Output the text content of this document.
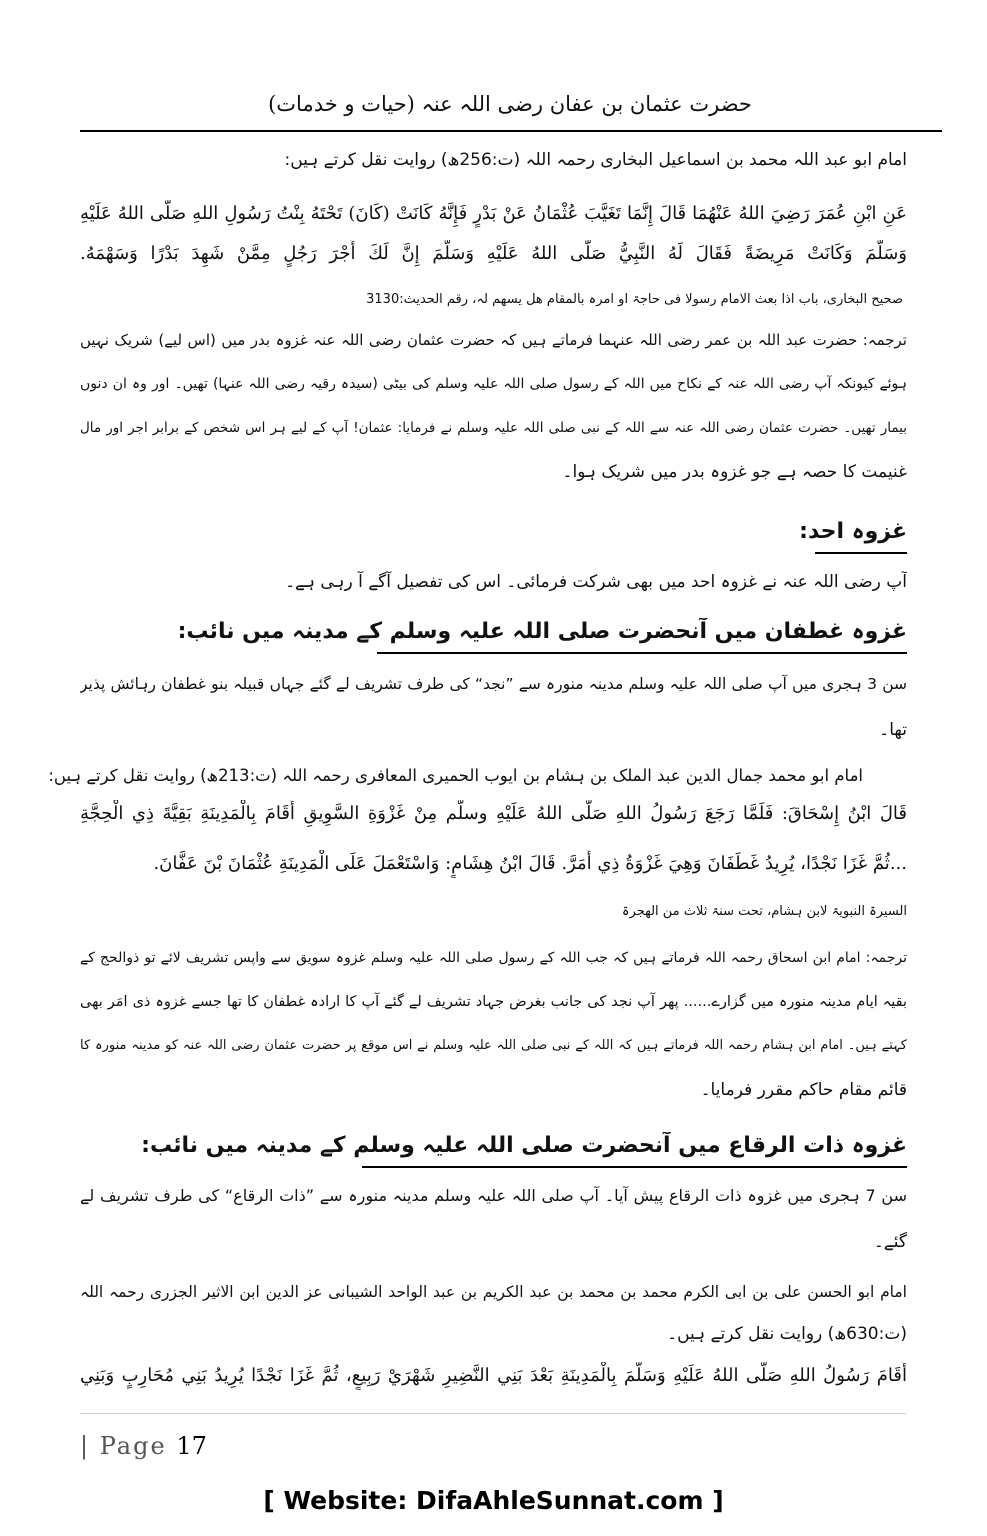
حضرت عثمان بن عفان رضی اللہ عنہ (حیات و خدمات)
امام ابو عبد اللہ محمد بن اسماعیل البخاری رحمہ اللہ (ت:256ھ) روایت نقل کرتے ہیں:
عَنِ ابْنِ عُمَرَ رَضِيَ اللهُ عَنْهُمَا قَالَ إِنَّمَا تَغَيَّبَ عُثْمَانُ عَنْ بَدْرٍ فَإِنَّهُ كَانَتْ (كَانَ) تَحْتَهُ بِنْتُ رَسُولِ اللهِ صَلَّى اللهُ عَلَيْهِ
وَسَلَّمَ وَكَانَتْ مَرِيضَةً فَقَالَ لَهُ النَّبِيُّ صَلَّى اللهُ عَلَيْهِ وَسَلَّمَ إِنَّ لَكَ أَجْرَ رَجُلٍ مِمَّنْ شَهِدَ بَدْرًا وَسَهْمَهُ.
صحیح البخاری، باب اذا بعث الامام رسولا فی حاجۃ او امرہ بالمقام ھل یسھم لہ، رقم الحدیث:3130
ترجمہ: حضرت عبد اللہ بن عمر رضی اللہ عنہما فرماتے ہیں کہ حضرت عثمان رضی اللہ عنہ غزوہ بدر میں (اس لیے) شریک نہیں
ہوئے کیونکہ آپ رضی اللہ عنہ کے نکاح میں اللہ کے رسول صلی اللہ علیہ وسلم کی بیٹی (سیدہ رقیہ رضی اللہ عنہا) تھیں۔ اور وہ ان دنوں
بیمار تھیں۔ حضرت عثمان رضی اللہ عنہ سے اللہ کے نبی صلی اللہ علیہ وسلم نے فرمایا: عثمان! آپ کے لیے ہر اس شخص کے برابر اجر اور مال
غنیمت کا حصہ ہے جو غزوہ بدر میں شریک ہوا۔
غزوہ احد:
آپ رضی اللہ عنہ نے غزوہ احد میں بھی شرکت فرمائی۔ اس کی تفصیل آگے آ رہی ہے۔
غزوہ غطفان میں آنحضرت صلی اللہ علیہ وسلم کے مدینہ میں نائب:
سن 3 ہجری میں آپ صلی اللہ علیہ وسلم مدینہ منورہ سے ”نجد“ کی طرف تشریف لے گئے جہاں قبیلہ بنو غطفان رہائش پذیر
تھا۔
امام ابو محمد جمال الدین عبد الملک بن ہشام بن ایوب الحمیری المعافری رحمہ اللہ (ت:213ھ) روایت نقل کرتے ہیں:
قَالَ ابْنُ إِسْحَاقَ: فَلَمَّا رَجَعَ رَسُولُ اللهِ صَلَّى اللهُ عَلَيْهِ وسلّم مِنْ غَزْوَةِ السَّوِيقِ أَقَامَ بِالْمَدِينَةِ بَقِيَّةَ ذِي الْحِجَّةِ
...ثُمَّ غَزَا نَجْدًا، يُرِيدُ غَطَفَانَ وَهِيَ غَزْوَةُ ذِي أَمَرَّ. قَالَ ابْنُ هِشَامٍ: وَاسْتَعْمَلَ عَلَى الْمَدِينَةِ عُثْمَانَ بْنَ عَفَّانَ.
السیرۃ النبویۃ لابن ہشام، تحت سنۃ ثلاث من الھجرۃ
ترجمہ: امام ابن اسحاق رحمہ اللہ فرماتے ہیں کہ جب اللہ کے رسول صلی اللہ علیہ وسلم غزوہ سویق سے واپس تشریف لائے تو ذوالحج کے
بقیہ ایام مدینہ منورہ میں گزارے...... پھر آپ نجد کی جانب بغرض جہاد تشریف لے گئے آپ کا ارادہ غطفان کا تھا جسے غزوہ ذی امَر بھی
کہتے ہیں۔ امام ابن ہشام رحمہ اللہ فرماتے ہیں کہ اللہ کے نبی صلی اللہ علیہ وسلم نے اس موقع پر حضرت عثمان رضی اللہ عنہ کو مدینہ منورہ کا
قائم مقام حاکم مقرر فرمایا۔
غزوہ ذات الرقاع میں آنحضرت صلی اللہ علیہ وسلم کے مدینہ میں نائب:
سن 7 ہجری میں غزوہ ذات الرقاع پیش آیا۔ آپ صلی اللہ علیہ وسلم مدینہ منورہ سے ”ذات الرقاع“ کی طرف تشریف لے
گئے۔
امام ابو الحسن علی بن ابی الکرم محمد بن محمد بن عبد الکریم بن عبد الواحد الشیبانی عز الدین ابن الاثیر الجزری رحمہ اللہ
(ت:630ھ) روایت نقل کرتے ہیں۔
أَقَامَ رَسُولُ اللهِ صَلَّى اللهُ عَلَيْهِ وَسَلَّمَ بِالْمَدِينَةِ بَعْدَ بَنِي النَّضِيرِ شَهْرَيْ رَبِيعٍ، ثُمَّ غَزَا نَجْدًا يُرِيدُ بَنِي مُحَارِبٍ وَبَنِي
| Page 17
[ Website: DifaAhleSunnat.com ]
